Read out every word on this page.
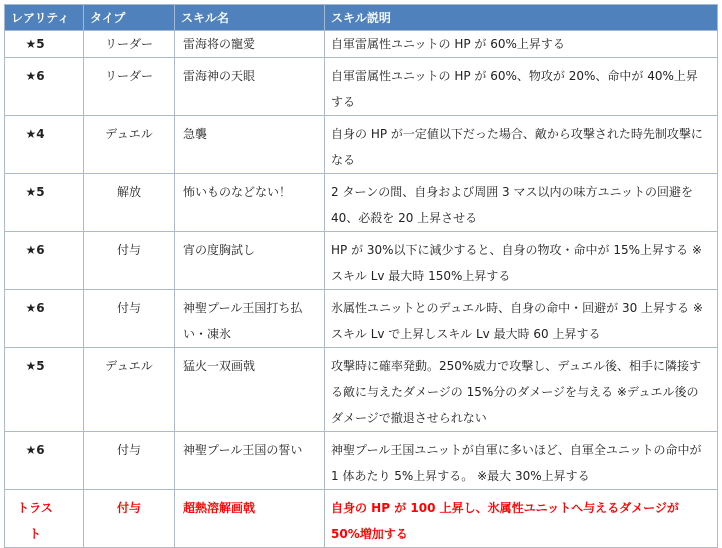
レアリティ	タイプ	スキル名	スキル説明
★5	リーダー	雷海将の寵愛	自軍雷属性ユニットの HP が 60%上昇する
★6	リーダー	雷海神の天眼	自軍雷属性ユニットの HP が 60%、物攻が 20%、命中が 40%上昇する
★4	デュエル	急襲	自身の HP が一定値以下だった場合、敵から攻撃された時先制攻撃になる
★5	解放	怖いものなどない！	2 ターンの間、自身および周囲 3 マス以内の味方ユニットの回避を 40、必殺を 20 上昇させる
★6	付与	宵の度胸試し	HP が 30%以下に減少すると、自身の物攻・命中が 15%上昇する ※スキル Lv 最大時 150%上昇する
★6	付与	神聖プール王国打ち払い・凍氷	氷属性ユニットとのデュエル時、自身の命中・回避が 30 上昇する ※スキル Lv で上昇しスキル Lv 最大時 60 上昇する
★5	デュエル	猛火一双画戟	攻撃時に確率発動。250%威力で攻撃し、デュエル後、相手に隣接する敵に与えたダメージの 15%分のダメージを与える ※デュエル後のダメージで撤退させられない
★6	付与	神聖プール王国の誓い	神聖プール王国ユニットが自軍に多いほど、自軍全ユニットの命中が 1 体あたり 5%上昇する。 ※最大 30%上昇する
トラスト	付与	超熱溶解画戟	自身の HP が 100 上昇し、氷属性ユニットへ与えるダメージが 50%増加する
